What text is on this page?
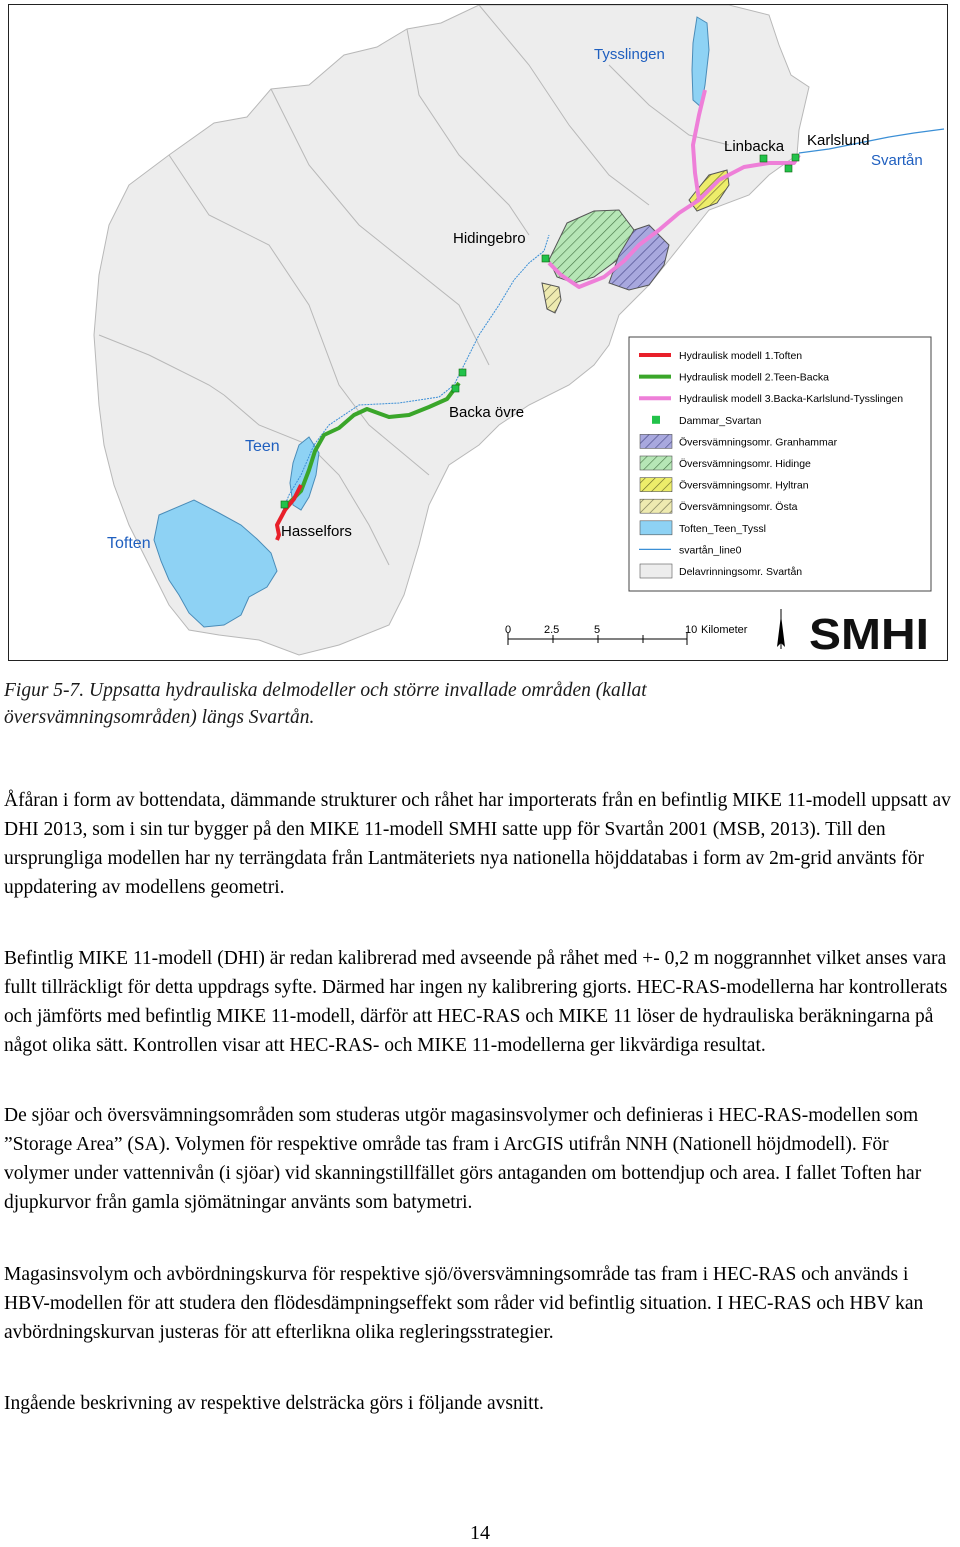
Tysslingen
Linbacka Karlslund
Svartån
Hidingebro
Backa övre
Teen
Hasselfors
Toften
Hydraulisk modell 1.Toften
Hydraulisk modell 2.Teen-Backa
Hydraulisk modell 3.Backa-Karlslund-Tysslingen
Dammar_Svartan
Översvämningsomr. Granhammar
Översvämningsomr. Hidinge
Översvämningsomr. Hyltran
Översvämningsomr. Östa
Toften_Teen_Tyssl
svartån_line0
Delavrinningsomr. Svartån
0	2.5	5	10 Kilometer SMHI
Figur 5-7. Uppsatta hydrauliska delmodeller och större invallade områden (kallat
översvämningsområden) längs Svartån.

Åfåran i form av bottendata, dämmande strukturer och råhet har importerats från en befintlig MIKE 11-modell uppsatt av DHI 2013, som i sin tur bygger på den MIKE 11-modell SMHI satte upp för Svartån 2001 (MSB, 2013). Till den ursprungliga modellen har ny terrängdata från Lantmäteriets nya nationella höjddatabas i form av 2m-grid använts för uppdatering av modellens geometri.

Befintlig MIKE 11-modell (DHI) är redan kalibrerad med avseende på råhet med +- 0,2 m noggrannhet vilket anses vara fullt tillräckligt för detta uppdrags syfte. Därmed har ingen ny kalibrering gjorts. HEC-RAS-modellerna har kontrollerats och jämförts med befintlig MIKE 11-modell, därför att HEC-RAS och MIKE 11 löser de hydrauliska beräkningarna på något olika sätt. Kontrollen visar att HEC-RAS- och MIKE 11-modellerna ger likvärdiga resultat.

De sjöar och översvämningsområden som studeras utgör magasinsvolymer och definieras i HEC-RAS-modellen som ”Storage Area” (SA). Volymen för respektive område tas fram i ArcGIS utifrån NNH (Nationell höjdmodell). För volymer under vattennivån (i sjöar) vid skanningstillfället görs antaganden om bottendjup och area. I fallet Toften har djupkurvor från gamla sjömätningar använts som batymetri.

Magasinsvolym och avbördningskurva för respektive sjö/översvämningsområde tas fram i HEC-RAS och används i HBV-modellen för att studera den flödesdämpningseffekt som råder vid befintlig situation. I HEC-RAS och HBV kan avbördningskurvan justeras för att efterlikna olika regleringsstrategier.

Ingående beskrivning av respektive delsträcka görs i följande avsnitt.

14
